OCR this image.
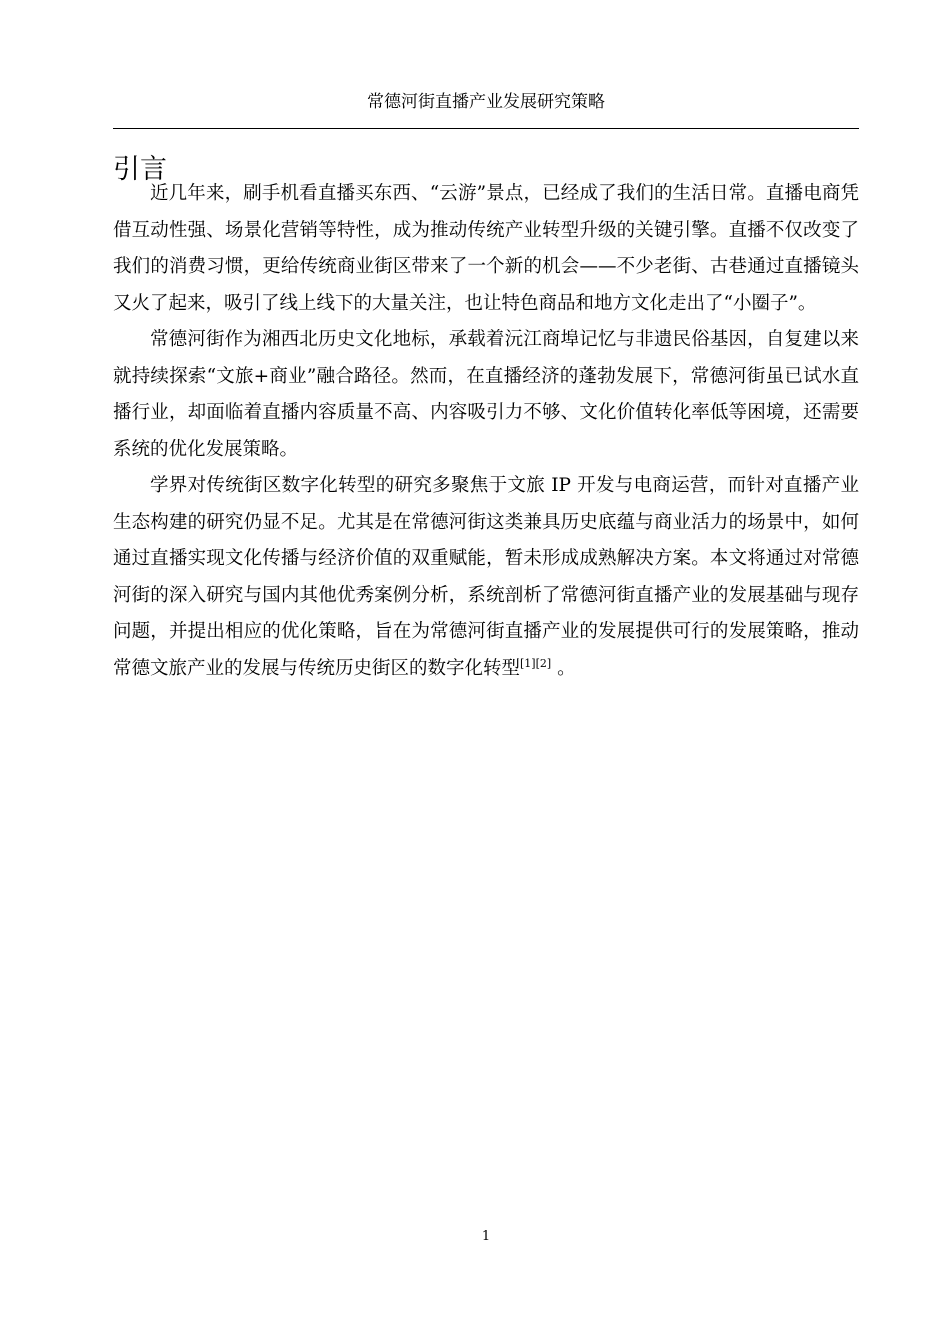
常德河街直播产业发展研究策略
引言

近几年来，刷手机看直播买东西、“云游”景点，已经成了我们的生活日常。直播电商凭借互动性强、场景化营销等特性，成为推动传统产业转型升级的关键引擎。直播不仅改变了我们的消费习惯，更给传统商业街区带来了一个新的机会——不少老街、古巷通过直播镜头又火了起来，吸引了线上线下的大量关注，也让特色商品和地方文化走出了“小圈子”。

常德河街作为湘西北历史文化地标，承载着沅江商埠记忆与非遗民俗基因，自复建以来就持续探索“文旅+商业”融合路径。然而，在直播经济的蓬勃发展下，常德河街虽已试水直播行业，却面临着直播内容质量不高、内容吸引力不够、文化价值转化率低等困境，还需要系统的优化发展策略。

学界对传统街区数字化转型的研究多聚焦于文旅 IP 开发与电商运营，而针对直播产业生态构建的研究仍显不足。尤其是在常德河街这类兼具历史底蕴与商业活力的场景中，如何通过直播实现文化传播与经济价值的双重赋能，暂未形成成熟解决方案。本文将通过对常德河街的深入研究与国内其他优秀案例分析，系统剖析了常德河街直播产业的发展基础与现存问题，并提出相应的优化策略，旨在为常德河街直播产业的发展提供可行的发展策略，推动常德文旅产业的发展与传统历史街区的数字化转型[1][2] 。

1
